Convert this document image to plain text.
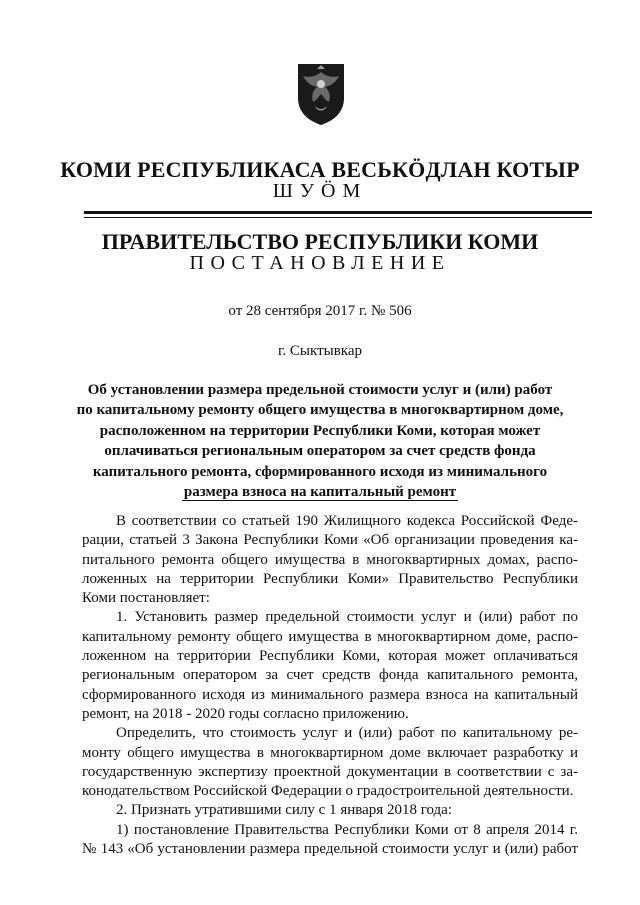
КОМИ РЕСПУБЛИКАСА ВЕСЬКӦДЛАН КОТЫР
ШУӦМ
ПРАВИТЕЛЬСТВО РЕСПУБЛИКИ КОМИ
ПОСТАНОВЛЕНИЕ
от 28 сентября 2017 г. № 506
г. Сыктывкар
Об установлении размера предельной стоимости услуг и (или) работ
по капитальному ремонту общего имущества в многоквартирном доме,
расположенном на территории Республики Коми, которая может
оплачиваться региональным оператором за счет средств фонда
капитального ремонта, сформированного исходя из минимального
размера взноса на капитальный ремонт
В соответствии со статьей 190 Жилищного кодекса Российской Феде-
рации, статьей 3 Закона Республики Коми «Об организации проведения ка-
питального ремонта общего имущества в многоквартирных домах, распо-
ложенных на территории Республики Коми» Правительство Республики
Коми постановляет:
1. Установить размер предельной стоимости услуг и (или) работ по
капитальному ремонту общего имущества в многоквартирном доме, распо-
ложенном на территории Республики Коми, которая может оплачиваться
региональным оператором за счет средств фонда капитального ремонта,
сформированного исходя из минимального размера взноса на капитальный
ремонт, на 2018 - 2020 годы согласно приложению.
Определить, что стоимость услуг и (или) работ по капитальному ре-
монту общего имущества в многоквартирном доме включает разработку и
государственную экспертизу проектной документации в соответствии с за-
конодательством Российской Федерации о градостроительной деятельности.
2. Признать утратившими силу с 1 января 2018 года:
1) постановление Правительства Республики Коми от 8 апреля 2014 г.
№ 143 «Об установлении размера предельной стоимости услуг и (или) работ
